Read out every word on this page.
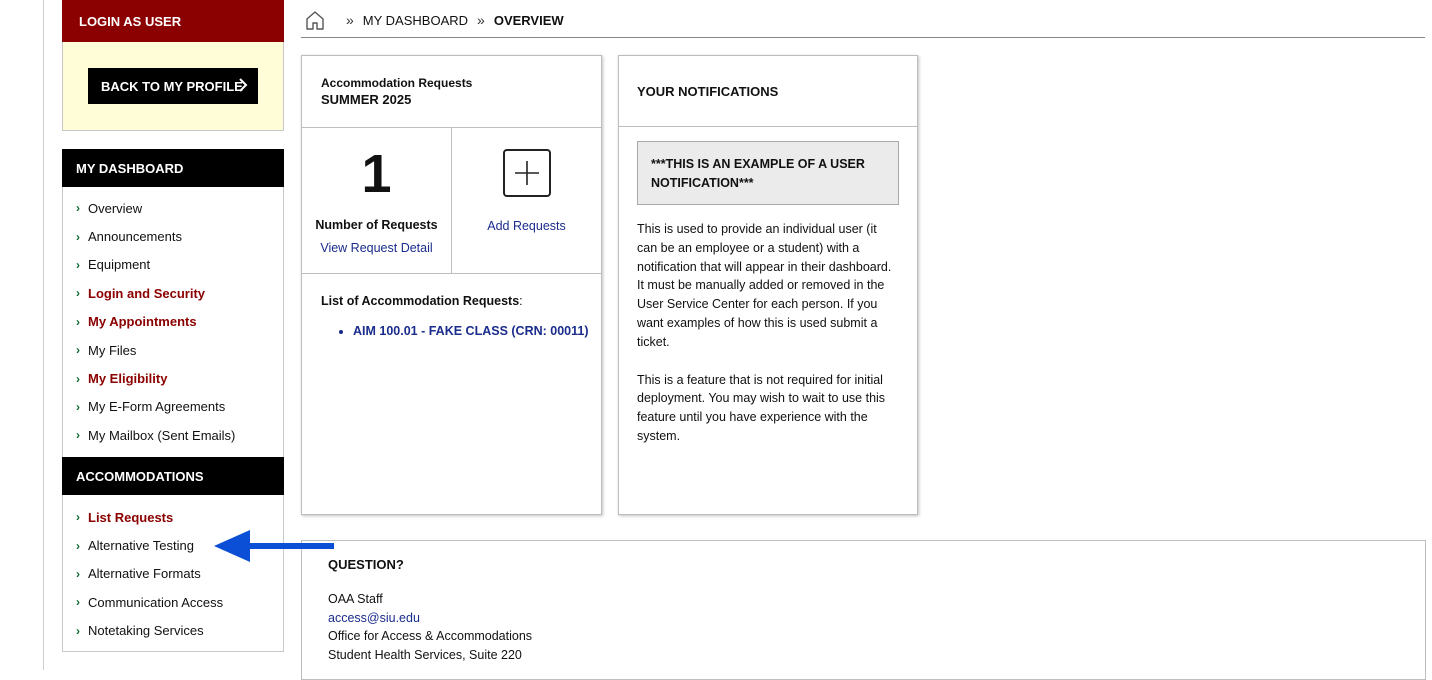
LOGIN AS USER
BACK TO MY PROFILE
MY DASHBOARD
› Overview
› Announcements
› Equipment
› Login and Security
› My Appointments
› My Files
› My Eligibility
› My E-Form Agreements
› My Mailbox (Sent Emails)
ACCOMMODATIONS
› List Requests
› Alternative Testing
› Alternative Formats
› Communication Access
› Notetaking Services
» MY DASHBOARD » OVERVIEW
Accommodation Requests
SUMMER 2025
1
Number of Requests
View Request Detail
Add Requests
List of Accommodation Requests:
• AIM 100.01 - FAKE CLASS (CRN: 00011)
YOUR NOTIFICATIONS
***THIS IS AN EXAMPLE OF A USER NOTIFICATION***

This is used to provide an individual user (it can be an employee or a student) with a notification that will appear in their dashboard. It must be manually added or removed in the User Service Center for each person. If you want examples of how this is used submit a ticket.

This is a feature that is not required for initial deployment. You may wish to wait to use this feature until you have experience with the system.

QUESTION?
OAA Staff
access@siu.edu
Office for Access & Accommodations
Student Health Services, Suite 220
